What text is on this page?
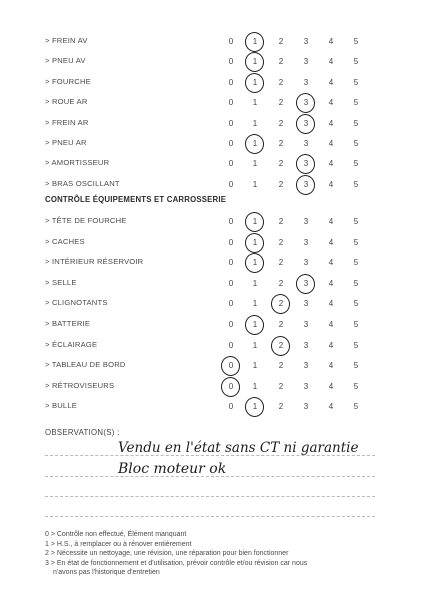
> FREIN AV	0	1	2	3	4	5
> PNEU AV	0	1	2	3	4	5
> FOURCHE	0	1	2	3	4	5
> ROUE AR	0	1	2	3	4	5
> FREIN AR	0	1	2	3	4	5
> PNEU AR	0	1	2	3	4	5
> AMORTISSEUR	0	1	2	3	4	5
> BRAS OSCILLANT	0	1	2	3	4	5
CONTRÔLE ÉQUIPEMENTS ET CARROSSERIE
> TÊTE DE FOURCHE	0	1	2	3	4	5
> CACHES	0	1	2	3	4	5
> INTÉRIEUR RÉSERVOIR	0	1	2	3	4	5
> SELLE	0	1	2	3	4	5
> CLIGNOTANTS	0	1	2	3	4	5
> BATTERIE	0	1	2	3	4	5
> ÉCLAIRAGE	0	1	2	3	4	5
> TABLEAU DE BORD	0	1	2	3	4	5
> RÉTROVISEURS	0	1	2	3	4	5
> BULLE	0	1	2	3	4	5
OBSERVATION(S) :
Vendu en l'état sans CT ni garantie
Bloc moteur ok
0 > Contrôle non effectué, Élément manquant
1 > H.S., à remplacer ou à rénover entièrement
2 > Nécessite un nettoyage, une révision, une réparation pour bien fonctionner
3 > En état de fonctionnement et d'utilisation, prévoir contrôle et/ou révision car nous
n'avons pas l'historique d'entretien
